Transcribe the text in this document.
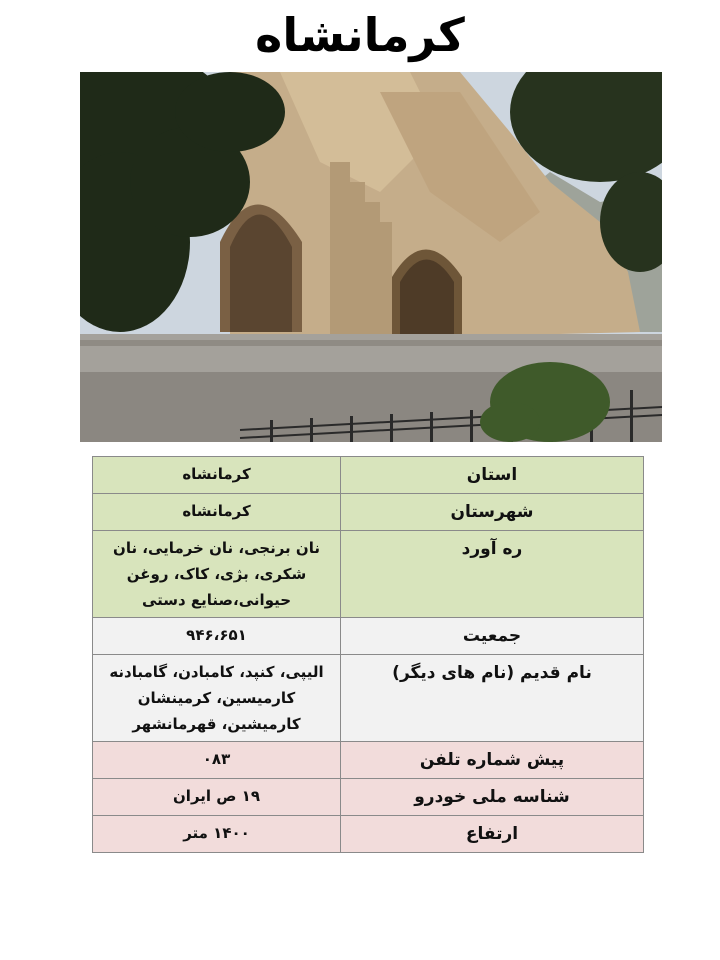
کرمانشاه
استان	کرمانشاه
شهرستان	کرمانشاه
ره آورد	نان برنجی، نان خرمایی، نان شکری، بژی، کاک، روغن حیوانی،صنایع دستی
جمعیت	۹۴۶،۶۵۱
نام قدیم (نام های دیگر)	الیپی، کنپد، کامبادن، گامبادنه کارمیسین، کرمینشان کارمیشین، قهرمانشهر
پیش شماره تلفن	۰۸۳
شناسه ملی خودرو	۱۹ ص ایران
ارتفاع	۱۴۰۰ متر
